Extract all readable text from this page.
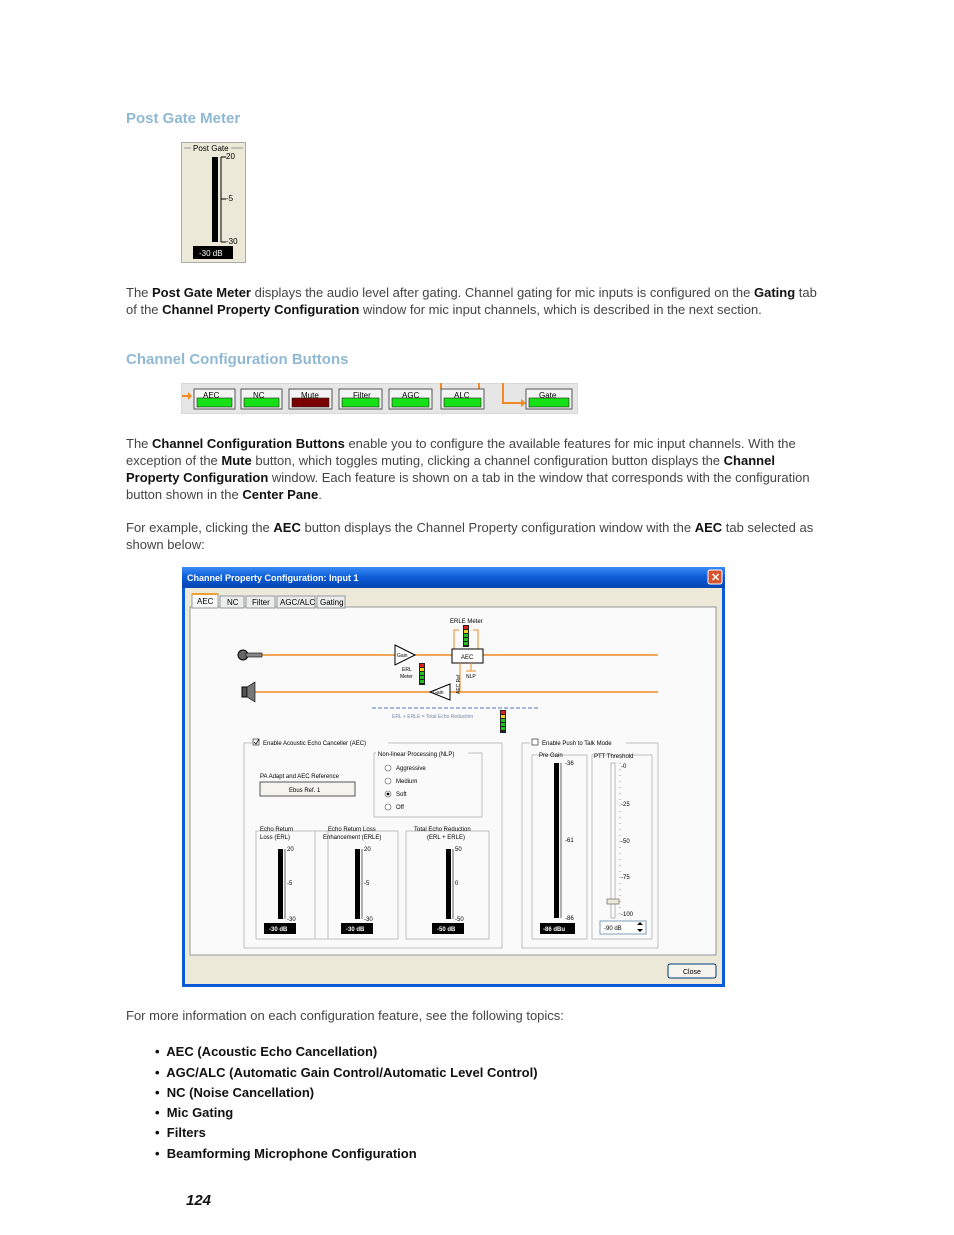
Post Gate Meter
Post Gate
20
-5
-30
-30 dB
The Post Gate Meter displays the audio level after gating. Channel gating for mic inputs is configured on the Gating tab of the Channel Property Configuration window for mic input channels, which is described in the next section.
Channel Configuration Buttons
AEC	NC	Mute	Filter	AGC	ALC	Gate
The Channel Configuration Buttons enable you to configure the available features for mic input channels. With the exception of the Mute button, which toggles muting, clicking a channel configuration button displays the Channel Property Configuration window. Each feature is shown on a tab in the window that corresponds with the configuration button shown in the Center Pane.
For example, clicking the AEC button displays the Channel Property configuration window with the AEC tab selected as shown below:
Channel Property Configuration: Input 1	✕
AEC NC Filter AGC/ALC Gating
Gain
Gain
ERL
Meter
ERLE Meter
AEC
AEC Ref NLP
ERL + ERLE = Total Echo Reduction
Enable Acoustic Echo Canceller (AEC)
PA Adapt and AEC Reference
Ebus Ref. 1
Non-linear Processing (NLP)
Aggressive
Medium
Soft
Off
Echo Return
Loss (ERL)
20
-5
-30
-30 dB
Echo Return Loss
Enhancement (ERLE)
20
-5
-30
-30 dB
Total Echo Reduction
(ERL + ERLE)
50
0
-50
-50 dB
Enable Push to Talk Mode
Pre Gain
-36
-61
-86
-86 dBu
PTT Threshold
-0
-25
-50
-75
-100
-90 dB
Close
For more information on each configuration feature, see the following topics:
•  AEC (Acoustic Echo Cancellation)
•  AGC/ALC (Automatic Gain Control/Automatic Level Control)
•  NC (Noise Cancellation)
•  Mic Gating
•  Filters
•  Beamforming Microphone Configuration
124
